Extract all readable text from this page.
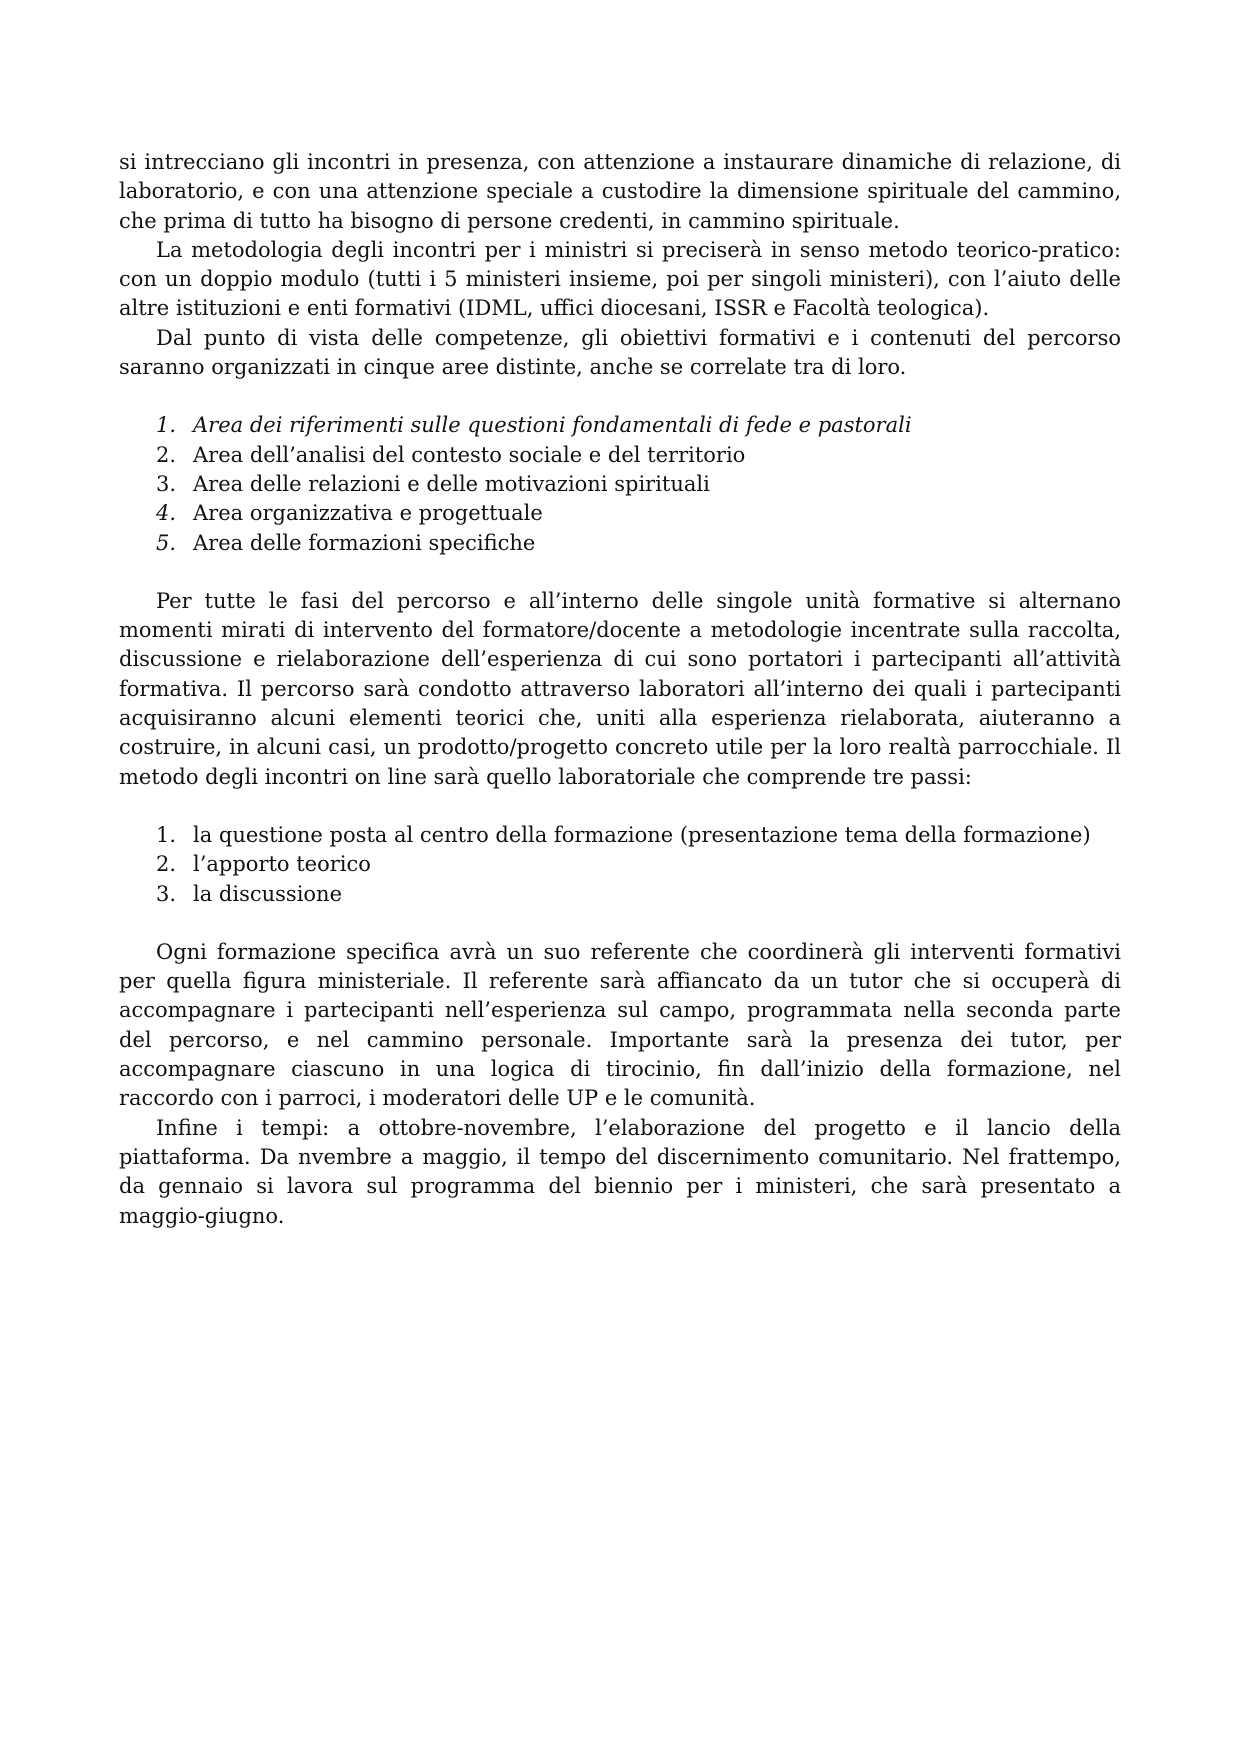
si intrecciano gli incontri in presenza, con attenzione a instaurare dinamiche di relazione, di laboratorio, e con una attenzione speciale a custodire la dimensione spirituale del cammino, che prima di tutto ha bisogno di persone credenti, in cammino spirituale.

La metodologia degli incontri per i ministri si preciserà in senso metodo teorico-pratico: con un doppio modulo (tutti i 5 ministeri insieme, poi per singoli ministeri), con l’aiuto delle altre istituzioni e enti formativi (IDML, uffici diocesani, ISSR e Facoltà teologica).

Dal punto di vista delle competenze, gli obiettivi formativi e i contenuti del percorso saranno organizzati in cinque aree distinte, anche se correlate tra di loro.

1. Area dei riferimenti sulle questioni fondamentali di fede e pastorali
2. Area dell’analisi del contesto sociale e del territorio
3. Area delle relazioni e delle motivazioni spirituali
4. Area organizzativa e progettuale
5. Area delle formazioni specifiche

Per tutte le fasi del percorso e all’interno delle singole unità formative si alternano momenti mirati di intervento del formatore/docente a metodologie incentrate sulla raccolta, discussione e rielaborazione dell’esperienza di cui sono portatori i partecipanti all’attività formativa. Il percorso sarà condotto attraverso laboratori all’interno dei quali i partecipanti acquisiranno alcuni elementi teorici che, uniti alla esperienza rielaborata, aiuteranno a costruire, in alcuni casi, un prodotto/progetto concreto utile per la loro realtà parrocchiale. Il metodo degli incontri on line sarà quello laboratoriale che comprende tre passi:

1. la questione posta al centro della formazione (presentazione tema della formazione)
2. l’apporto teorico
3. la discussione

Ogni formazione specifica avrà un suo referente che coordinerà gli interventi formativi per quella figura ministeriale. Il referente sarà affiancato da un tutor che si occuperà di accompagnare i partecipanti nell’esperienza sul campo, programmata nella seconda parte del percorso, e nel cammino personale. Importante sarà la presenza dei tutor, per accompagnare ciascuno in una logica di tirocinio, fin dall’inizio della formazione, nel raccordo con i parroci, i moderatori delle UP e le comunità.

Infine i tempi: a ottobre-novembre, l’elaborazione del progetto e il lancio della piattaforma. Da nvembre a maggio, il tempo del discernimento comunitario. Nel frattempo, da gennaio si lavora sul programma del biennio per i ministeri, che sarà presentato a maggio-giugno.
